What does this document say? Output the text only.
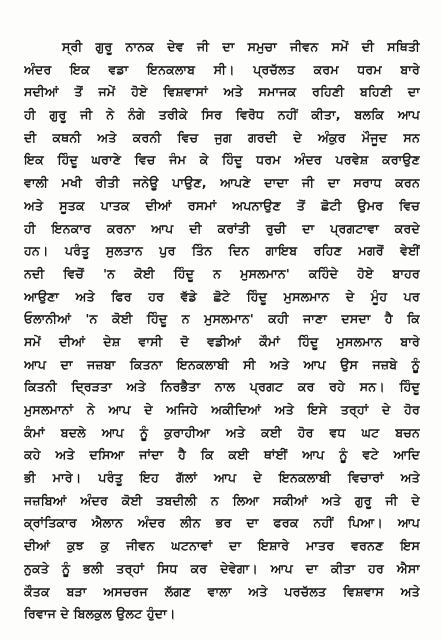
ਸ੍ਰੀ ਗੁਰੂ ਨਾਨਕ ਦੇਵ ਜੀ ਦਾ ਸਮੁਚਾ ਜੀਵਨ ਸਮੇਂ ਦੀ ਸਥਿਤੀ
ਅੰਦਰ ਇਕ ਵਡਾ ਇਨਕਲਾਬ ਸੀ। ਪ੍ਰਚੱਲਤ ਕਰਮ ਧਰਮ ਬਾਰੇ
ਸਦੀਆਂ ਤੋਂ ਜਮੇਂ ਹੋਏ ਵਿਸ਼ਵਾਸਾਂ ਅਤੇ ਸਮਾਜਕ ਰਹਿਣੀ ਬਹਿਣੀ ਦਾ
ਹੀ ਗੁਰੂ ਜੀ ਨੇ ਨੰਗੇ ਤਰੀਕੇ ਸਿਰ ਵਿਰੋਧ ਨਹੀਂ ਕੀਤਾ, ਬਲਕਿ ਆਪ
ਦੀ ਕਥਨੀ ਅਤੇ ਕਰਨੀ ਵਿਚ ਜੁਗ ਗਰਦੀ ਦੇ ਅੰਕੁਰ ਮੌਜੂਦ ਸਨ
ਇਕ ਹਿੰਦੂ ਘਰਾਣੇ ਵਿਚ ਜੰਮ ਕੇ ਹਿੰਦੂ ਧਰਮ ਅੰਦਰ ਪਰਵੇਸ਼ ਕਰਾਉਣ
ਵਾਲੀ ਮਖੀ ਰੀਤੀ ਜਨੇਊ ਪਾਉਣ, ਆਪਣੇ ਦਾਦਾ ਜੀ ਦਾ ਸਰਾਧ ਕਰਨ
ਅਤੇ ਸੂਤਕ ਪਾਤਕ ਦੀਆਂ ਰਸਮਾਂ ਅਪਨਾਉਣ ਤੋਂ ਛੋਟੀ ਉਮਰ ਵਿਚ
ਹੀ ਇਨਕਾਰ ਕਰਨਾ ਆਪ ਦੀ ਕਰਾਂਤੀ ਰੁਚੀ ਦਾ ਪ੍ਰਗਟਾਵਾ ਕਰਦੇ
ਹਨ। ਪਰੰਤੂ ਸੁਲਤਾਨ ਪੁਰ ਤਿੰਨ ਦਿਨ ਗਾਇਬ ਰਹਿਣ ਮਗਰੋਂ ਵੇਈਂ
ਨਦੀ ਵਿਚੋਂ 'ਨ ਕੋਈ ਹਿੰਦੂ ਨ ਮੁਸਲਮਾਨ' ਕਹਿੰਦੇ ਹੋਏ ਬਾਹਰ
ਆਉਣਾ ਅਤੇ ਫਿਰ ਹਰ ਵੱਡੇ ਛੋਟੇ ਹਿੰਦੂ ਮੁਸਲਮਾਨ ਦੇ ਮੂੰਹ ਪਰ
ਓਲਾਨੀਆਂ 'ਨ ਕੋਈ ਹਿੰਦੂ ਨ ਮੁਸਲਮਾਨ' ਕਹੀ ਜਾਣਾ ਦਸਦਾ ਹੈ ਕਿ
ਸਮੇਂ ਦੀਆਂ ਦੇਸ਼ ਵਾਸੀ ਦੋ ਵਡੀਆਂ ਕੌਮਾਂ ਹਿੰਦੂ ਮੁਸਲਮਾਨ ਬਾਰੇ
ਆਪ ਦਾ ਜਜ਼ਬਾ ਕਿਤਨਾ ਇਨਕਲਾਬੀ ਸੀ ਅਤੇ ਆਪ ਉਸ ਜਜ਼ਬੇ ਨੂੰ
ਕਿਤਨੀ ਦ੍ਰਿੜਤਾ ਅਤੇ ਨਿਰਭੈਤਾ ਨਾਲ ਪ੍ਰਗਟ ਕਰ ਰਹੇ ਸਨ। ਹਿੰਦੂ
ਮੁਸਲਮਾਨਾਂ ਨੇ ਆਪ ਦੇ ਅਜਿਹੇ ਅਕੀਦਿਆਂ ਅਤੇ ਇਸੇ ਤਰ੍ਹਾਂ ਦੇ ਹੋਰ
ਕੰਮਾਂ ਬਦਲੇ ਆਪ ਨੂੰ ਕੁਰਾਹੀਆ ਅਤੇ ਕਈ ਹੋਰ ਵਧ ਘਟ ਬਚਨ
ਕਹੇ ਅਤੇ ਦਸਿਆ ਜਾਂਦਾ ਹੈ ਕਿ ਕਈ ਥਾਂਈਂ ਆਪ ਨੂੰ ਵਟੇ ਆਦਿ
ਭੀ ਮਾਰੇ। ਪਰੰਤੂ ਇਹ ਗੱਲਾਂ ਆਪ ਦੇ ਇਨਕਲਾਬੀ ਵਿਚਾਰਾਂ ਅਤੇ
ਜਜ਼ਬਿਆਂ ਅੰਦਰ ਕੋਈ ਤਬਦੀਲੀ ਨ ਲਿਆ ਸਕੀਆਂ ਅਤੇ ਗੁਰੂ ਜੀ ਦੇ
ਕ੍ਰਾਂਤਿਕਾਰ ਐਲਾਨ ਅੰਦਰ ਲੀਨ ਭਰ ਦਾ ਫਰਕ ਨਹੀਂ ਪਿਆ। ਆਪ
ਦੀਆਂ ਕੁਝ ਕੁ ਜੀਵਨ ਘਟਨਾਵਾਂ ਦਾ ਇਸ਼ਾਰੇ ਮਾਤਰ ਵਰਨਣ ਇਸ
ਨੁਕਤੇ ਨੂੰ ਭਲੀ ਤਰ੍ਹਾਂ ਸਿਧ ਕਰ ਦੇਵੇਗਾ। ਆਪ ਦਾ ਕੀਤਾ ਹਰ ਐਸਾ
ਕੌਤਕ ਬੜਾ ਅਸਚਰਜ ਲੱਗਣ ਵਾਲਾ ਅਤੇ ਪਰਚੱਲਤ ਵਿਸ਼ਵਾਸ ਅਤੇ
ਰਿਵਾਜ ਦੇ ਬਿਲਕੁਲ ਉਲਟ ਹੁੰਦਾ।
